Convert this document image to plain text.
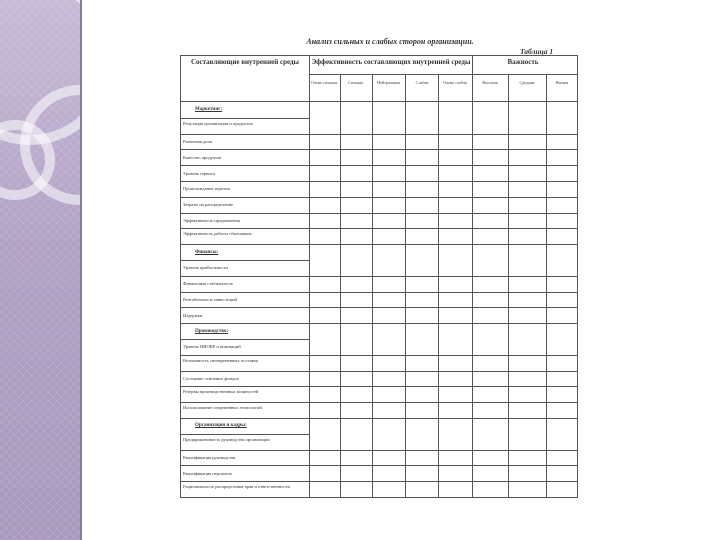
Анализ сильных и слабых сторон организации.
Таблица 1
Составляющие внутренней среды	Эффективность составляющих внутренней среды	Важность
Очень сильная	Сильная	Нейтральная	Слабая	Очень слабая	Высокая	Средняя	Низкая
Маркетинг:
Репутация организации и продуктов
Рыночная доля
Качество продуктов
Уровень сервиса
Происхождение изделия
Затраты на распределение
Эффективность продвижения
Эффективность работы сбытовиков
Финансы:
Уровень прибыльности
Финансовая стабильность
Рентабельность инвестиций
Издержки
Производство:
Уровень НИОКР и инноваций
Возможность своевременных поставок
Состояние основных фондов
Резервы производственных мощностей
Использование современных технологий
Организация и кадры:
Предприимчивость руководства организации
Квалификация руководства
Квалификация персонала
Рациональность распределения прав и ответственности
